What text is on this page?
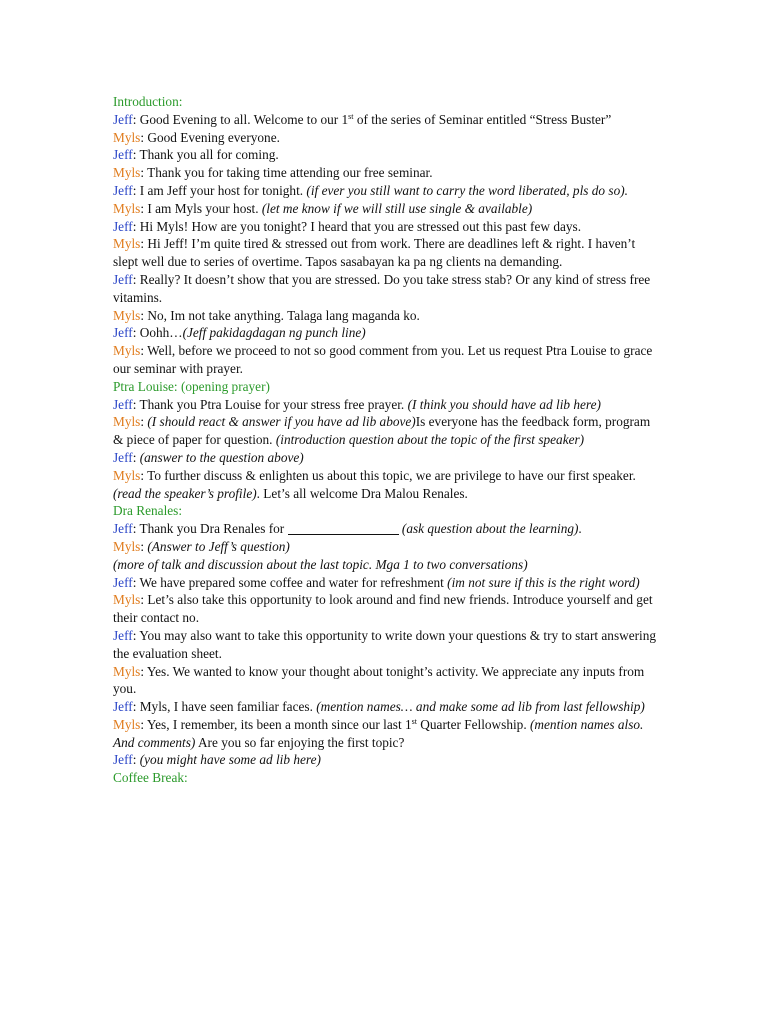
Introduction:

Jeff: Good Evening to all. Welcome to our 1st of the series of Seminar entitled “Stress Buster”

Myls: Good Evening everyone.

Jeff: Thank you all for coming.

Myls: Thank you for taking time attending our free seminar.

Jeff: I am Jeff your host for tonight. (if ever you still want to carry the word liberated, pls do so).

Myls: I am Myls your host. (let me know if we will still use single & available)

Jeff: Hi Myls! How are you tonight? I heard that you are stressed out this past few days.

Myls: Hi Jeff! I’m quite tired & stressed out from work. There are deadlines left & right. I haven’t slept well due to series of overtime. Tapos sasabayan ka pa ng clients na demanding.

Jeff: Really? It doesn’t show that you are stressed. Do you take stress stab? Or any kind of stress free vitamins.

Myls: No, Im not take anything. Talaga lang maganda ko.

Jeff: Oohh…(Jeff pakidagdagan ng punch line)

Myls: Well, before we proceed to not so good comment from you. Let us request Ptra Louise to grace our seminar with prayer.

Ptra Louise: (opening prayer)

Jeff: Thank you Ptra Louise for your stress free prayer. (I think you should have ad lib here)

Myls: (I should react & answer if you have ad lib above)Is everyone has the feedback form, program & piece of paper for question. (introduction question about the topic of the first speaker)

Jeff: (answer to the question above)

Myls: To further discuss & enlighten us about this topic, we are privilege to have our first speaker. (read the speaker’s profile). Let’s all welcome Dra Malou Renales.

Dra Renales:

Jeff: Thank you Dra Renales for	(ask question about the learning).

Myls: (Answer to Jeff’s question)

(more of talk and discussion about the last topic. Mga 1 to two conversations)

Jeff: We have prepared some coffee and water for refreshment (im not sure if this is the right word)

Myls: Let’s also take this opportunity to look around and find new friends. Introduce yourself and get their contact no.

Jeff: You may also want to take this opportunity to write down your questions & try to start answering the evaluation sheet.

Myls: Yes. We wanted to know your thought about tonight’s activity. We appreciate any inputs from you.

Jeff: Myls, I have seen familiar faces. (mention names… and make some ad lib from last fellowship)

Myls: Yes, I remember, its been a month since our last 1st Quarter Fellowship. (mention names also. And comments) Are you so far enjoying the first topic?

Jeff: (you might have some ad lib here)

Coffee Break:
